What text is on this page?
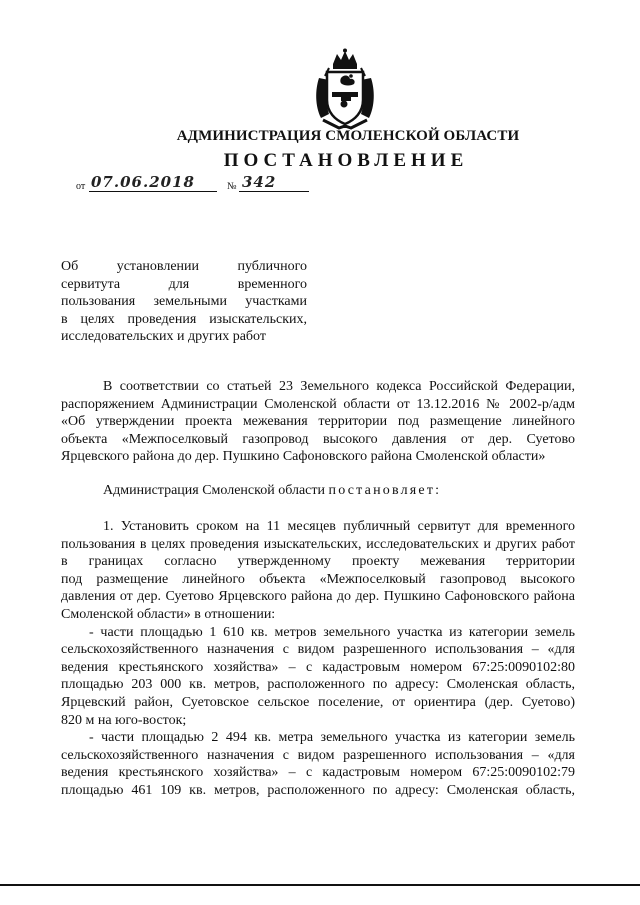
АДМИНИСТРАЦИЯ СМОЛЕНСКОЙ ОБЛАСТИ
ПОСТАНОВЛЕНИЕ
от 07.06.2018	№ 342
Об установлении публичного
сервитута для временного
пользования земельными участками
в целях проведения изыскательских,
исследовательских и других работ
В соответствии со статьей 23 Земельного кодекса Российской Федерации,
распоряжением Администрации Смоленской области от 13.12.2016 № 2002-р/адм
«Об утверждении проекта межевания территории под размещение линейного
объекта «Межпоселковый газопровод высокого давления от дер. Суетово
Ярцевского района до дер. Пушкино Сафоновского района Смоленской области»
Администрация Смоленской области постановляет:
1. Установить сроком на 11 месяцев публичный сервитут для временного
пользования в целях проведения изыскательских, исследовательских и других работ
в границах согласно утвержденному проекту межевания территории
под размещение линейного объекта «Межпоселковый газопровод высокого
давления от дер. Суетово Ярцевского района до дер. Пушкино Сафоновского района
Смоленской области» в отношении:
- части площадью 1 610 кв. метров земельного участка из категории земель
сельскохозяйственного назначения с видом разрешенного использования – «для
ведения крестьянского хозяйства» – с кадастровым номером 67:25:0090102:80
площадью 203 000 кв. метров, расположенного по адресу: Смоленская область,
Ярцевский район, Суетовское сельское поселение, от ориентира (дер. Суетово)
820 м на юго-восток;
- части площадью 2 494 кв. метра земельного участка из категории земель
сельскохозяйственного назначения с видом разрешенного использования – «для
ведения крестьянского хозяйства» – с кадастровым номером 67:25:0090102:79
площадью 461 109 кв. метров, расположенного по адресу: Смоленская область,
